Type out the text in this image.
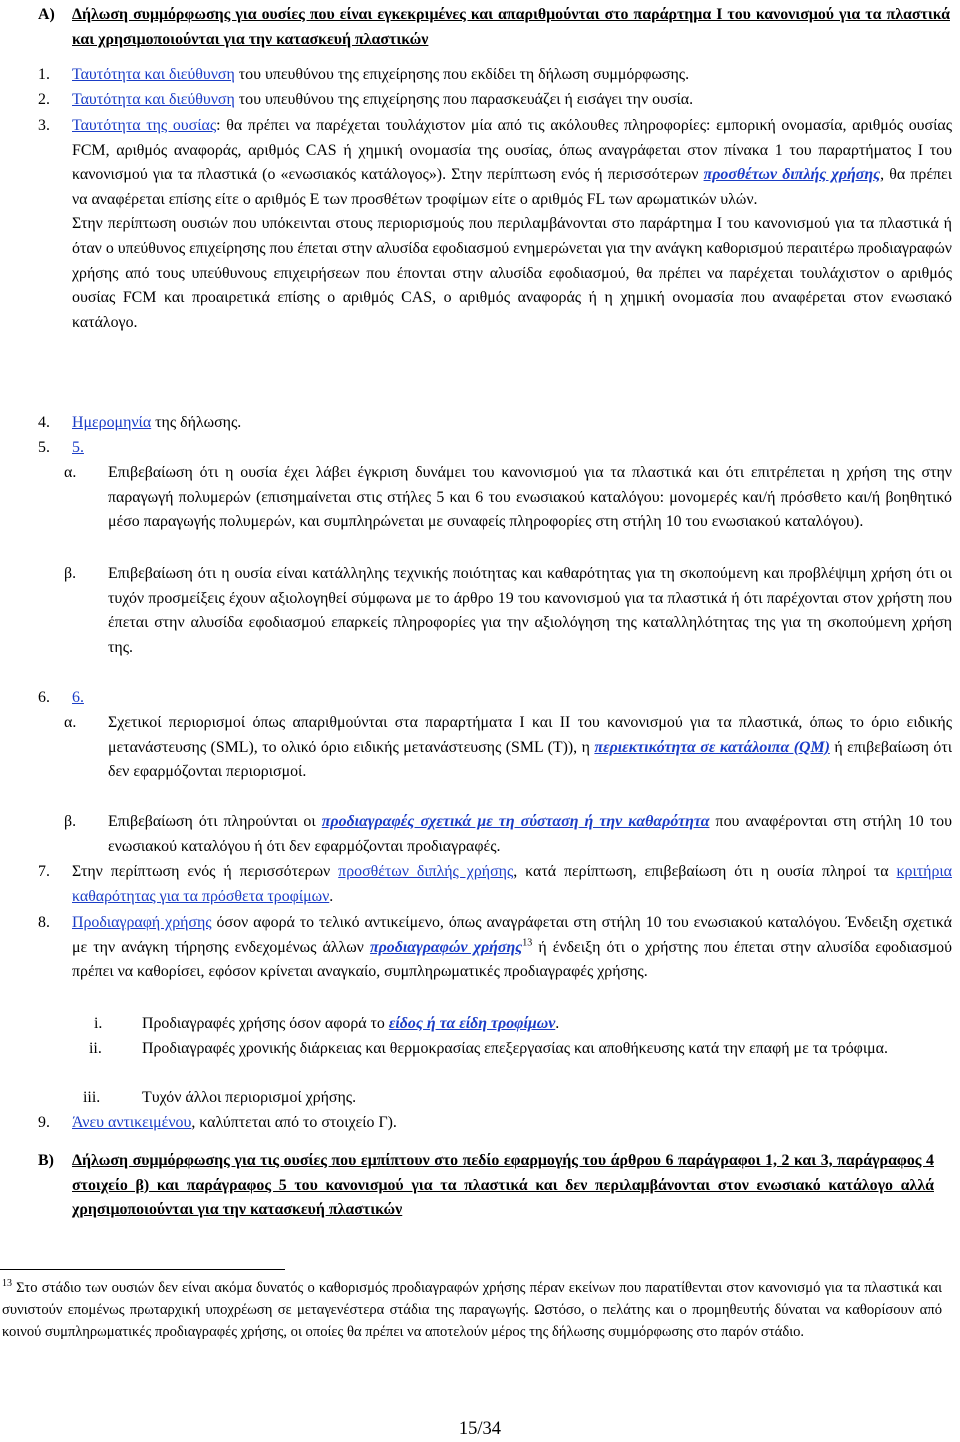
A) Δήλωση συμμόρφωσης για ουσίες που είναι εγκεκριμένες και απαριθμούνται στο παράρτημα I του κανονισμού για τα πλαστικά και χρησιμοποιούνται για την κατασκευή πλαστικών

1. Ταυτότητα και διεύθυνση του υπευθύνου της επιχείρησης που εκδίδει τη δήλωση συμμόρφωσης.

2. Ταυτότητα και διεύθυνση του υπευθύνου της επιχείρησης που παρασκευάζει ή εισάγει την ουσία.

3. Ταυτότητα της ουσίας: θα πρέπει να παρέχεται τουλάχιστον μία από τις ακόλουθες πληροφορίες: εμπορική ονομασία, αριθμός ουσίας FCM, αριθμός αναφοράς, αριθμός CAS ή χημική ονομασία της ουσίας, όπως αναγράφεται στον πίνακα 1 του παραρτήματος I του κανονισμού για τα πλαστικά (ο «ενωσιακός κατάλογος»). Στην περίπτωση ενός ή περισσότερων προσθέτων διπλής χρήσης, θα πρέπει να αναφέρεται επίσης είτε ο αριθμός E των προσθέτων τροφίμων είτε ο αριθμός FL των αρωματικών υλών.

Στην περίπτωση ουσιών που υπόκεινται στους περιορισμούς που περιλαμβάνονται στο παράρτημα I του κανονισμού για τα πλαστικά ή όταν ο υπεύθυνος επιχείρησης που έπεται στην αλυσίδα εφοδιασμού ενημερώνεται για την ανάγκη καθορισμού περαιτέρω προδιαγραφών χρήσης από τους υπεύθυνους επιχειρήσεων που έπονται στην αλυσίδα εφοδιασμού, θα πρέπει να παρέχεται τουλάχιστον ο αριθμός ουσίας FCM και προαιρετικά επίσης ο αριθμός CAS, ο αριθμός αναφοράς ή η χημική ονομασία που αναφέρεται στον ενωσιακό κατάλογο.

4. Ημερομηνία της δήλωσης.

5. 5.

α. Επιβεβαίωση ότι η ουσία έχει λάβει έγκριση δυνάμει του κανονισμού για τα πλαστικά και ότι επιτρέπεται η χρήση της στην παραγωγή πολυμερών (επισημαίνεται στις στήλες 5 και 6 του ενωσιακού καταλόγου: μονομερές και/ή πρόσθετο και/ή βοηθητικό μέσο παραγωγής πολυμερών, και συμπληρώνεται με συναφείς πληροφορίες στη στήλη 10 του ενωσιακού καταλόγου).

β. Επιβεβαίωση ότι η ουσία είναι κατάλληλης τεχνικής ποιότητας και καθαρότητας για τη σκοπούμενη και προβλέψιμη χρήση ότι οι τυχόν προσμείξεις έχουν αξιολογηθεί σύμφωνα με το άρθρο 19 του κανονισμού για τα πλαστικά ή ότι παρέχονται στον χρήστη που έπεται στην αλυσίδα εφοδιασμού επαρκείς πληροφορίες για την αξιολόγηση της καταλληλότητας της για τη σκοπούμενη χρήση της.

6. 6.

α. Σχετικοί περιορισμοί όπως απαριθμούνται στα παραρτήματα I και II του κανονισμού για τα πλαστικά, όπως το όριο ειδικής μετανάστευσης (SML), το ολικό όριο ειδικής μετανάστευσης (SML (T)), η περιεκτικότητα σε κατάλοιπα (QM) ή επιβεβαίωση ότι δεν εφαρμόζονται περιορισμοί.

β. Επιβεβαίωση ότι πληρούνται οι προδιαγραφές σχετικά με τη σύσταση ή την καθαρότητα που αναφέρονται στη στήλη 10 του ενωσιακού καταλόγου ή ότι δεν εφαρμόζονται προδιαγραφές.

7. Στην περίπτωση ενός ή περισσότερων προσθέτων διπλής χρήσης, κατά περίπτωση, επιβεβαίωση ότι η ουσία πληροί τα κριτήρια καθαρότητας για τα πρόσθετα τροφίμων.

8. Προδιαγραφή χρήσης όσον αφορά το τελικό αντικείμενο, όπως αναγράφεται στη στήλη 10 του ενωσιακού καταλόγου. Ένδειξη σχετικά με την ανάγκη τήρησης ενδεχομένως άλλων προδιαγραφών χρήσης$^{13}$ ή ένδειξη ότι ο χρήστης που έπεται στην αλυσίδα εφοδιασμού πρέπει να καθορίσει, εφόσον κρίνεται αναγκαίο, συμπληρωματικές προδιαγραφές χρήσης.

i.	Προδιαγραφές χρήσης όσον αφορά το είδος ή τα είδη τροφίμων.

ii.	Προδιαγραφές χρονικής διάρκειας και θερμοκρασίας επεξεργασίας και αποθήκευσης κατά την επαφή με τα τρόφιμα.

iii.	Τυχόν άλλοι περιορισμοί χρήσης.

9. Άνευ αντικειμένου, καλύπτεται από το στοιχείο Γ).

B) Δήλωση συμμόρφωσης για τις ουσίες που εμπίπτουν στο πεδίο εφαρμογής του άρθρου 6 παράγραφοι 1, 2 και 3, παράγραφος 4 στοιχείο β) και παράγραφος 5 του κανονισμού για τα πλαστικά και δεν περιλαμβάνονται στον ενωσιακό κατάλογο αλλά χρησιμοποιούνται για την κατασκευή πλαστικών

$^{13}$ Στο στάδιο των ουσιών δεν είναι ακόμα δυνατός ο καθορισμός προδιαγραφών χρήσης πέραν εκείνων που παρατίθενται στον κανονισμό για τα πλαστικά και συνιστούν επομένως πρωταρχική υποχρέωση σε μεταγενέστερα στάδια της παραγωγής. Ωστόσο, ο πελάτης και ο προμηθευτής δύναται να καθορίσουν από κοινού συμπληρωματικές προδιαγραφές χρήσης, οι οποίες θα πρέπει να αποτελούν μέρος της δήλωσης συμμόρφωσης στο παρόν στάδιο.

15/34
